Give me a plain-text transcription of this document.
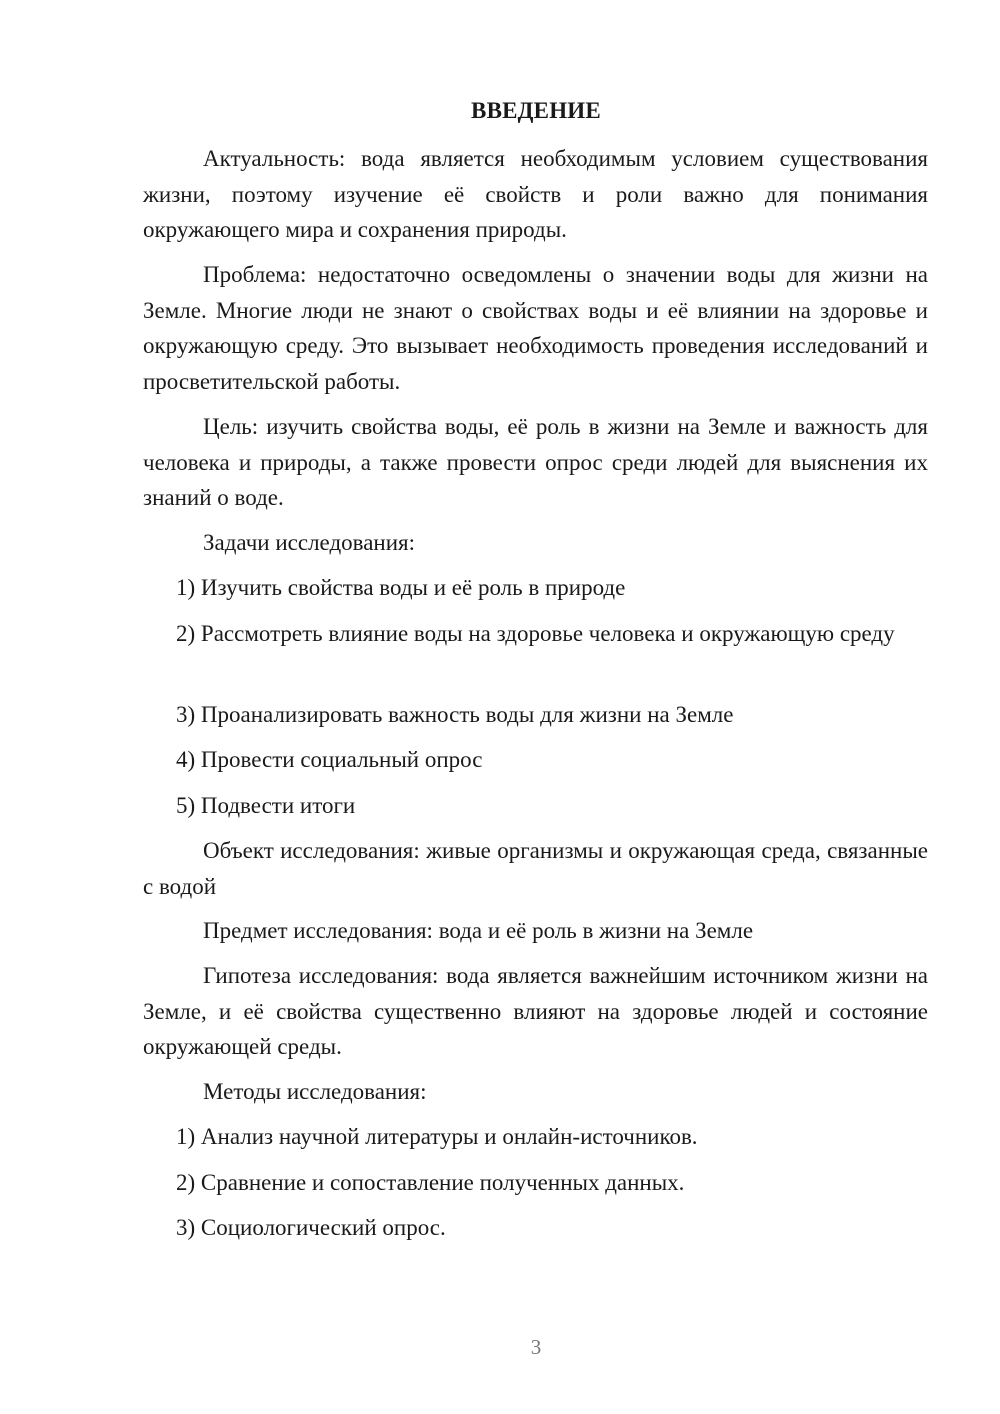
ВВЕДЕНИЕ

Актуальность: вода является необходимым условием существования жизни, поэтому изучение её свойств и роли важно для понимания окружающего мира и сохранения природы.

Проблема: недостаточно осведомлены о значении воды для жизни на Земле. Многие люди не знают о свойствах воды и её влиянии на здоровье и окружающую среду. Это вызывает необходимость проведения исследований и просветительской работы.

Цель: изучить свойства воды, её роль в жизни на Земле и важность для человека и природы, а также провести опрос среди людей для выяснения их знаний о воде.

Задачи исследования:

1) Изучить свойства воды и её роль в природе

2) Рассмотреть влияние воды на здоровье человека и окружающую среду

3) Проанализировать важность воды для жизни на Земле

4) Провести социальный опрос

5) Подвести итоги

Объект исследования: живые организмы и окружающая среда, связанные с водой

Предмет исследования: вода и её роль в жизни на Земле

Гипотеза исследования: вода является важнейшим источником жизни на Земле, и её свойства существенно влияют на здоровье людей и состояние окружающей среды.

Методы исследования:

1) Анализ научной литературы и онлайн-источников.

2) Сравнение и сопоставление полученных данных.

3) Социологический опрос.

3
